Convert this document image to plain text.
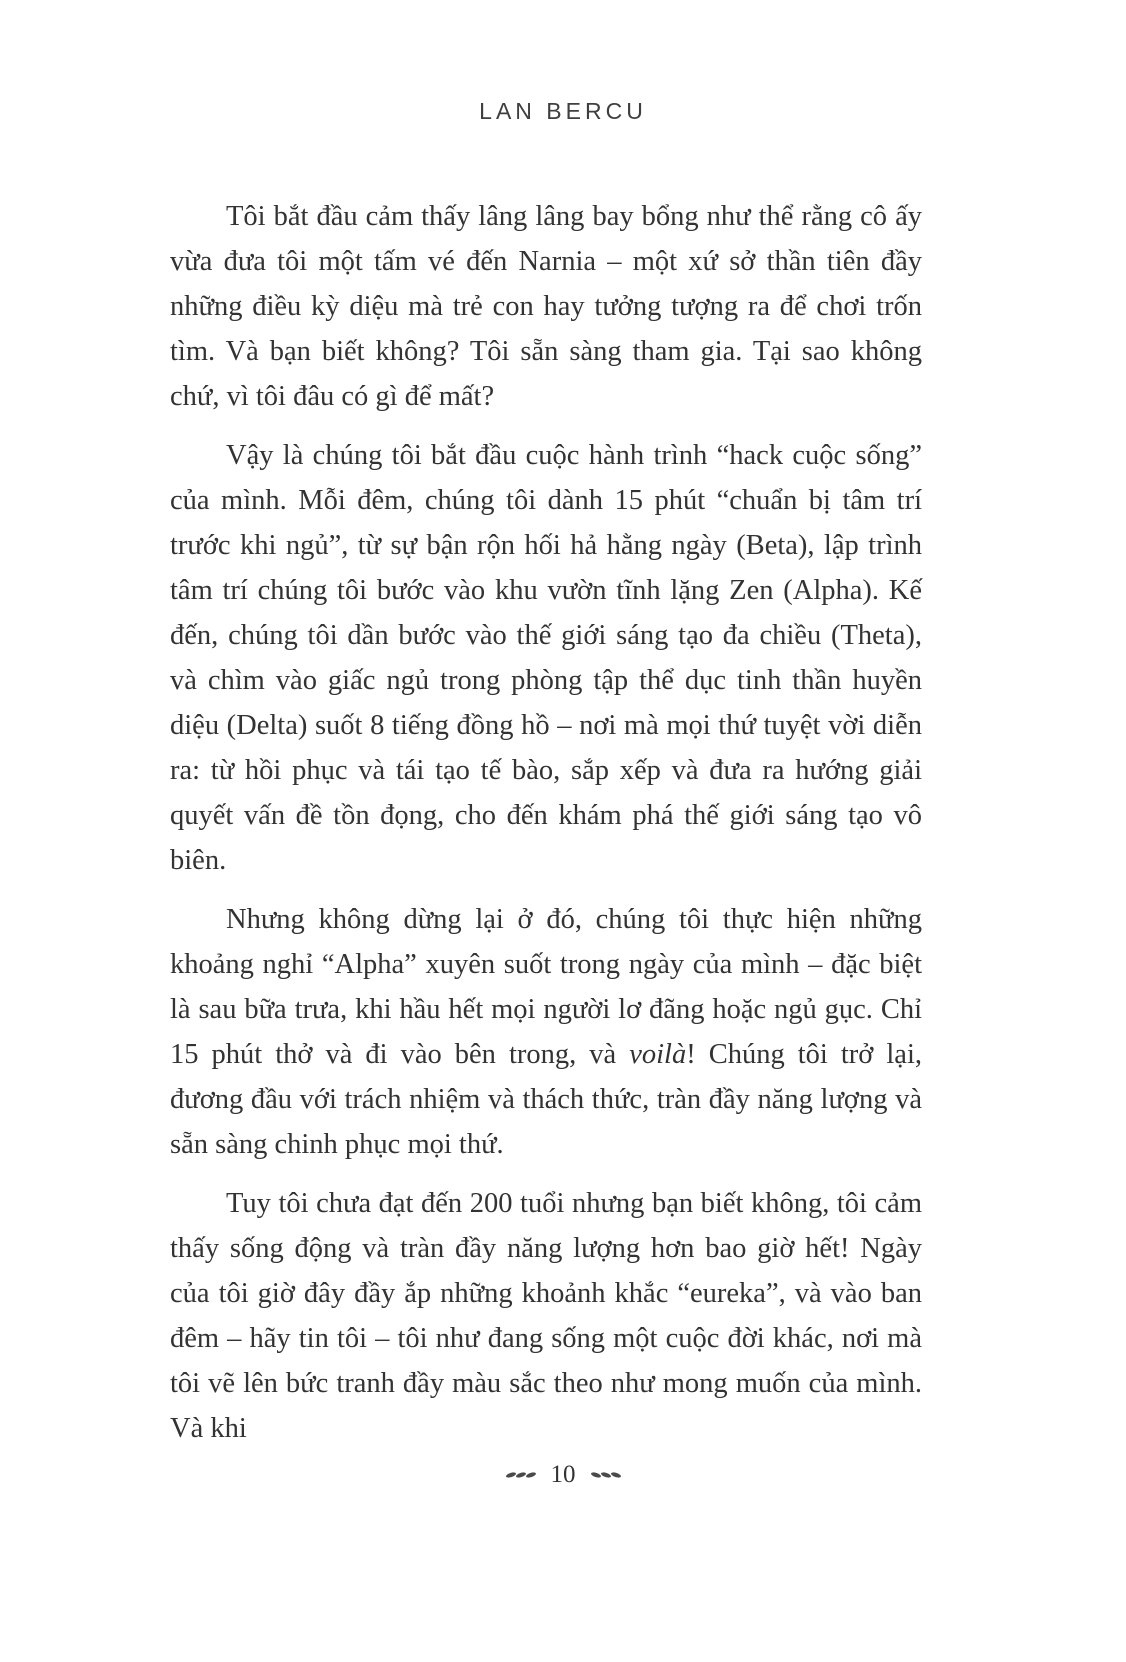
LAN BERCU

Tôi bắt đầu cảm thấy lâng lâng bay bổng như thể rằng cô ấy vừa đưa tôi một tấm vé đến Narnia – một xứ sở thần tiên đầy những điều kỳ diệu mà trẻ con hay tưởng tượng ra để chơi trốn tìm. Và bạn biết không? Tôi sẵn sàng tham gia. Tại sao không chứ, vì tôi đâu có gì để mất?

Vậy là chúng tôi bắt đầu cuộc hành trình “hack cuộc sống” của mình. Mỗi đêm, chúng tôi dành 15 phút “chuẩn bị tâm trí trước khi ngủ”, từ sự bận rộn hối hả hằng ngày (Beta), lập trình tâm trí chúng tôi bước vào khu vườn tĩnh lặng Zen (Alpha). Kế đến, chúng tôi dần bước vào thế giới sáng tạo đa chiều (Theta), và chìm vào giấc ngủ trong phòng tập thể dục tinh thần huyền diệu (Delta) suốt 8 tiếng đồng hồ – nơi mà mọi thứ tuyệt vời diễn ra: từ hồi phục và tái tạo tế bào, sắp xếp và đưa ra hướng giải quyết vấn đề tồn đọng, cho đến khám phá thế giới sáng tạo vô biên.

Nhưng không dừng lại ở đó, chúng tôi thực hiện những khoảng nghỉ “Alpha” xuyên suốt trong ngày của mình – đặc biệt là sau bữa trưa, khi hầu hết mọi người lơ đãng hoặc ngủ gục. Chỉ 15 phút thở và đi vào bên trong, và voilà! Chúng tôi trở lại, đương đầu với trách nhiệm và thách thức, tràn đầy năng lượng và sẵn sàng chinh phục mọi thứ.

Tuy tôi chưa đạt đến 200 tuổi nhưng bạn biết không, tôi cảm thấy sống động và tràn đầy năng lượng hơn bao giờ hết! Ngày của tôi giờ đây đầy ắp những khoảnh khắc “eureka”, và vào ban đêm – hãy tin tôi – tôi như đang sống một cuộc đời khác, nơi mà tôi vẽ lên bức tranh đầy màu sắc theo như mong muốn của mình. Và khi

10
